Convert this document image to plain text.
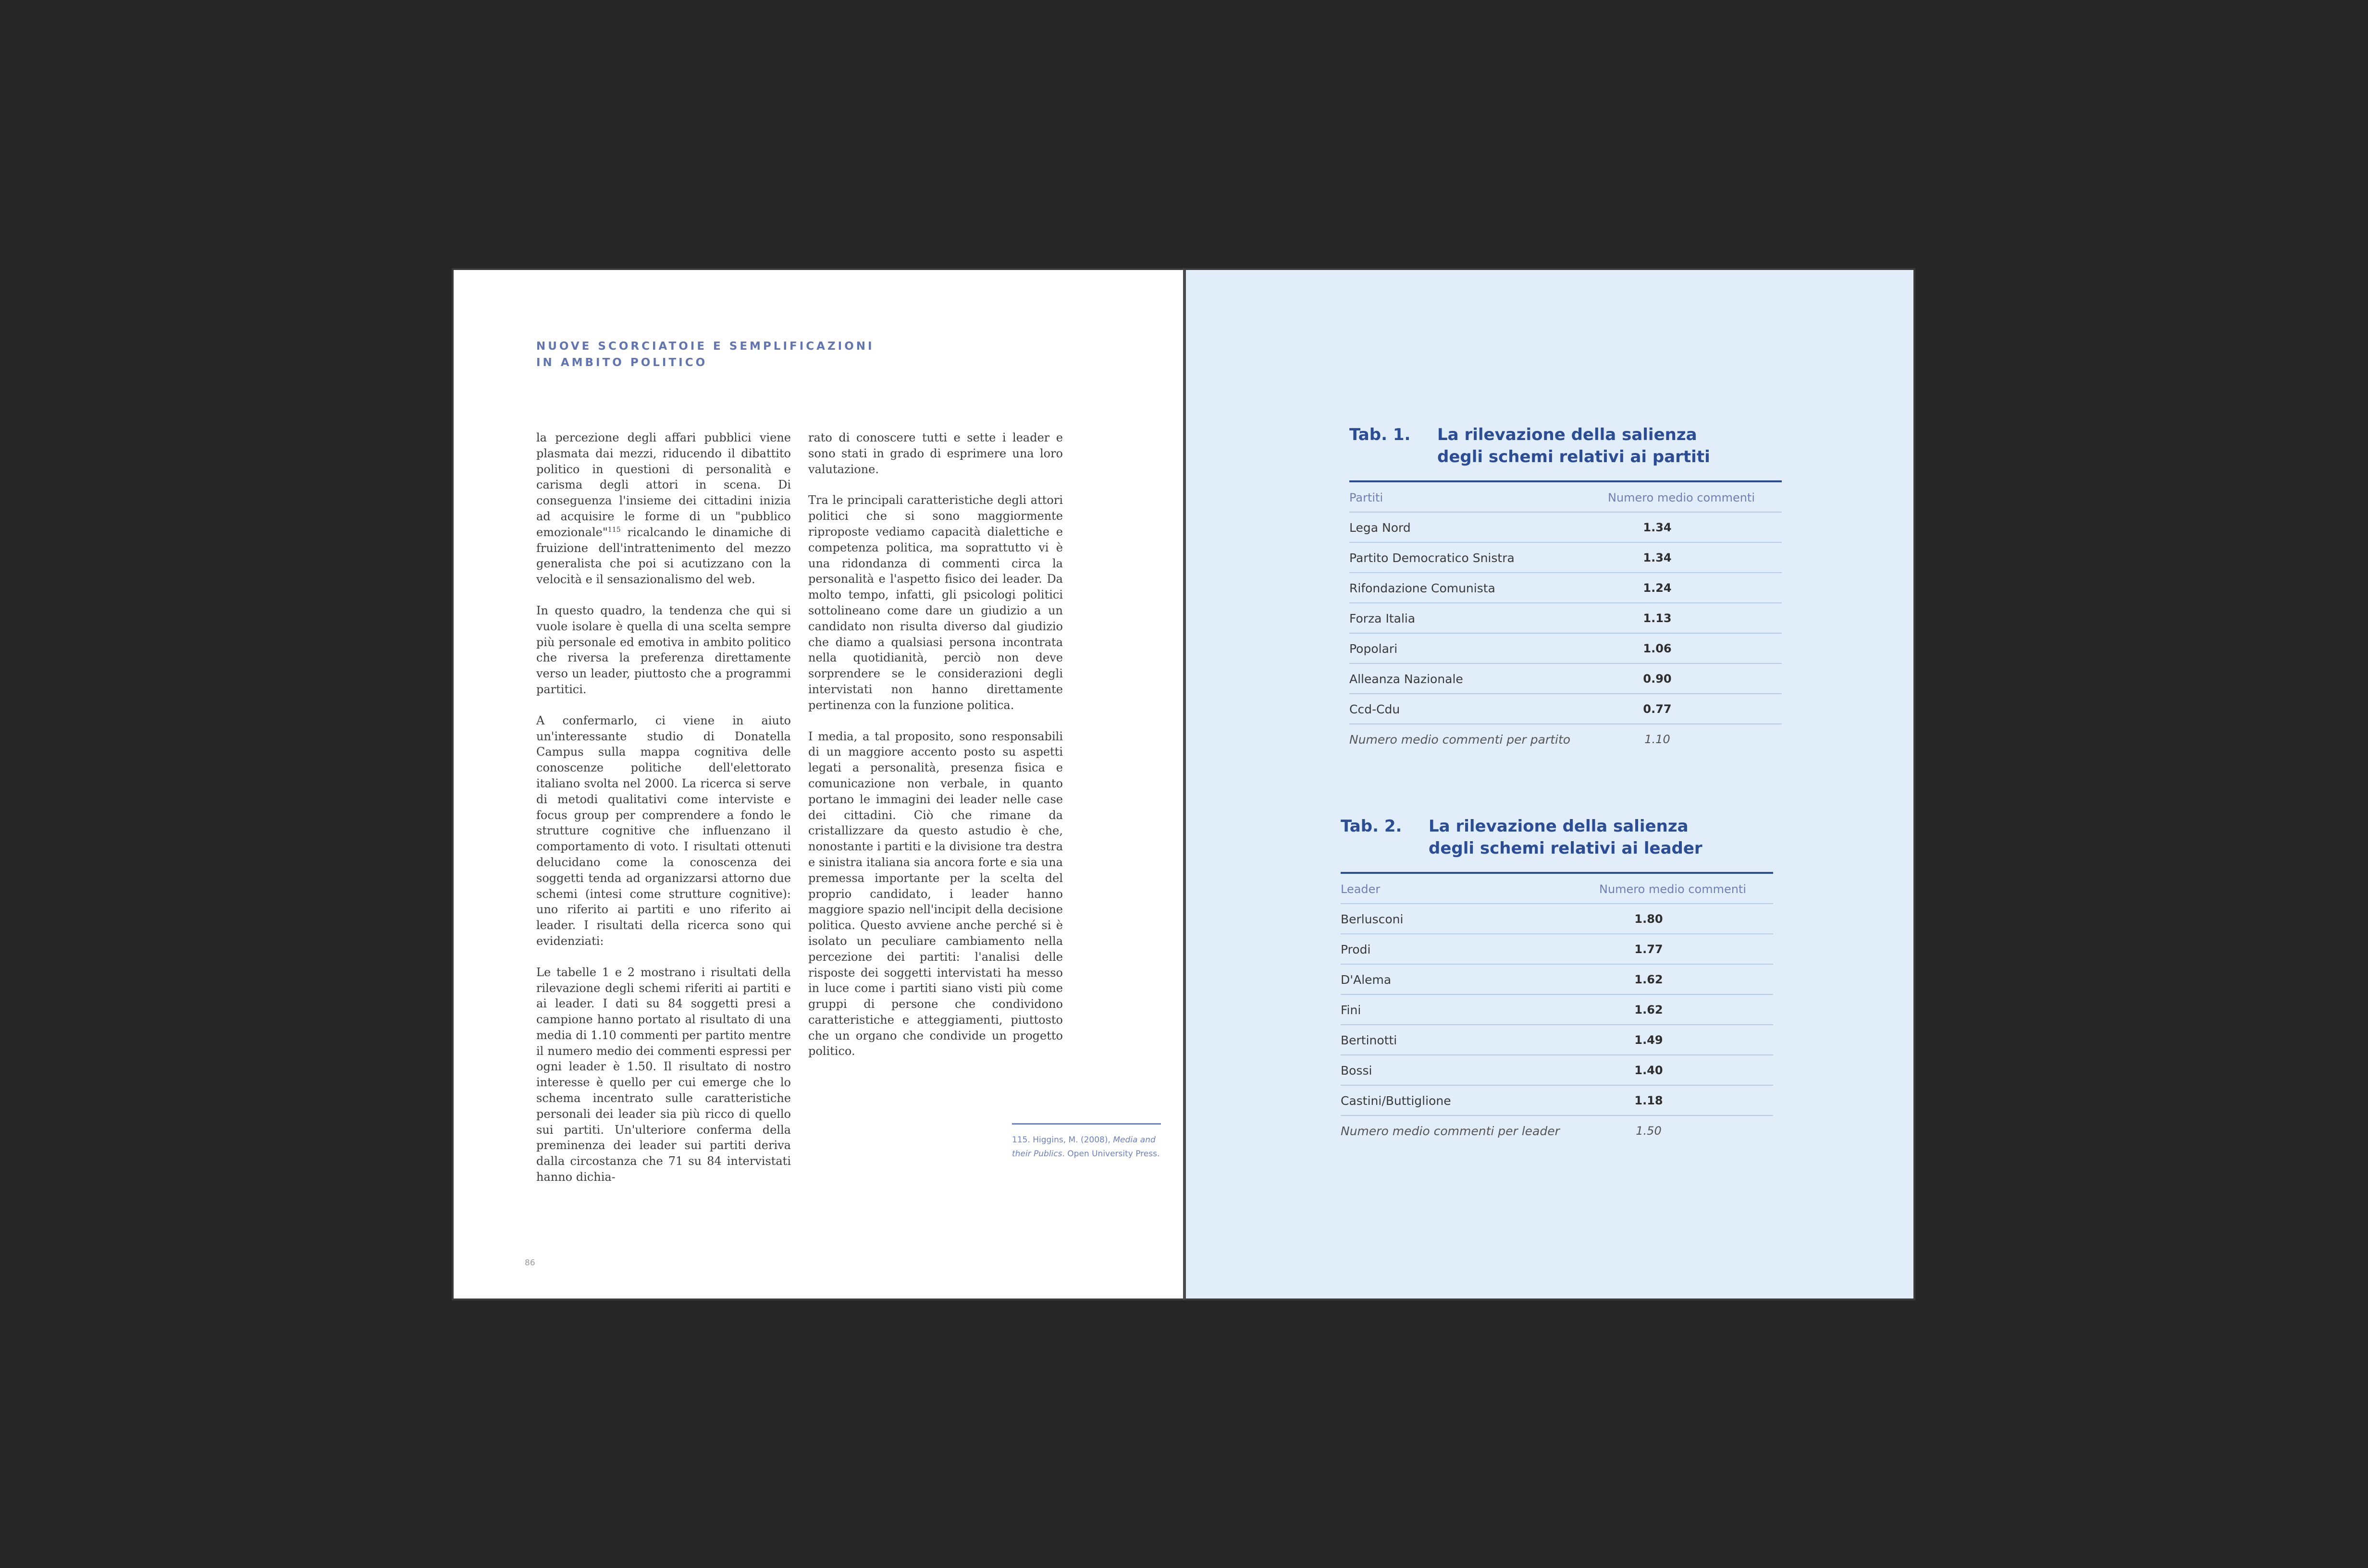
NUOVE SCORCIATOIE E SEMPLIFICAZIONI
IN AMBITO POLITICO

la percezione degli affari pubblici viene plasmata dai mezzi, riducendo il dibattito politico in questioni di personalità e carisma degli attori in scena. Di conseguenza l'insieme dei cittadini inizia ad acquisire le forme di un "pubblico emozionale"$^{115}$ ricalcando le dinamiche di fruizione dell'intrattenimento del mezzo generalista che poi si acutizzano con la velocità e il sensazionalismo del web.

In questo quadro, la tendenza che qui si vuole isolare è quella di una scelta sempre più personale ed emotiva in ambito politico che riversa la preferenza direttamente verso un leader, piuttosto che a programmi partitici.

A confermarlo, ci viene in aiuto un'interessante studio di Donatella Campus sulla mappa cognitiva delle conoscenze politiche dell'elettorato italiano svolta nel 2000. La ricerca si serve di metodi qualitativi come interviste e focus group per comprendere a fondo le strutture cognitive che influenzano il comportamento di voto. I risultati ottenuti delucidano come la conoscenza dei soggetti tenda ad organizzarsi attorno due schemi (intesi come strutture cognitive): uno riferito ai partiti e uno riferito ai leader. I risultati della ricerca sono qui evidenziati:

Le tabelle 1 e 2 mostrano i risultati della rilevazione degli schemi riferiti ai partiti e ai leader. I dati su 84 soggetti presi a campione hanno portato al risultato di una media di 1.10 commenti per partito mentre il numero medio dei commenti espressi per ogni leader è 1.50. Il risultato di nostro interesse è quello per cui emerge che lo schema incentrato sulle caratteristiche personali dei leader sia più ricco di quello sui partiti. Un'ulteriore conferma della preminenza dei leader sui partiti deriva dalla circostanza che 71 su 84 intervistati hanno dichia-

rato di conoscere tutti e sette i leader e sono stati in grado di esprimere una loro valutazione.

Tra le principali caratteristiche degli attori politici che si sono maggiormente riproposte vediamo capacità dialettiche e competenza politica, ma soprattutto vi è una ridondanza di commenti circa la personalità e l'aspetto fisico dei leader. Da molto tempo, infatti, gli psicologi politici sottolineano come dare un giudizio a un candidato non risulta diverso dal giudizio che diamo a qualsiasi persona incontrata nella quotidianità, perciò non deve sorprendere se le considerazioni degli intervistati non hanno direttamente pertinenza con la funzione politica.

I media, a tal proposito, sono responsabili di un maggiore accento posto su aspetti legati a personalità, presenza fisica e comunicazione non verbale, in quanto portano le immagini dei leader nelle case dei cittadini. Ciò che rimane da cristallizzare da questo astudio è che, nonostante i partiti e la divisione tra destra e sinistra italiana sia ancora forte e sia una premessa importante per la scelta del proprio candidato, i leader hanno maggiore spazio nell'incipit della decisione politica. Questo avviene anche perché si è isolato un peculiare cambiamento nella percezione dei partiti: l'analisi delle risposte dei soggetti intervistati ha messo in luce come i partiti siano visti più come gruppi di persone che condividono caratteristiche e atteggiamenti, piuttosto che un organo che condivide un progetto politico.

115. Higgins, M. (2008), Media and their Publics. Open University Press.
86
Tab. 1. La rilevazione della salienza
degli schemi relativi ai partiti
Partiti	Numero medio commenti
Lega Nord	1.34
Partito Democratico Snistra	1.34
Rifondazione Comunista	1.24
Forza Italia	1.13
Popolari	1.06
Alleanza Nazionale	0.90
Ccd-Cdu	0.77
Numero medio commenti per partito	1.10
Tab. 2. La rilevazione della salienza
degli schemi relativi ai leader
Leader	Numero medio commenti
Berlusconi	1.80
Prodi	1.77
D'Alema	1.62
Fini	1.62
Bertinotti	1.49
Bossi	1.40
Castini/Buttiglione	1.18
Numero medio commenti per leader	1.50
